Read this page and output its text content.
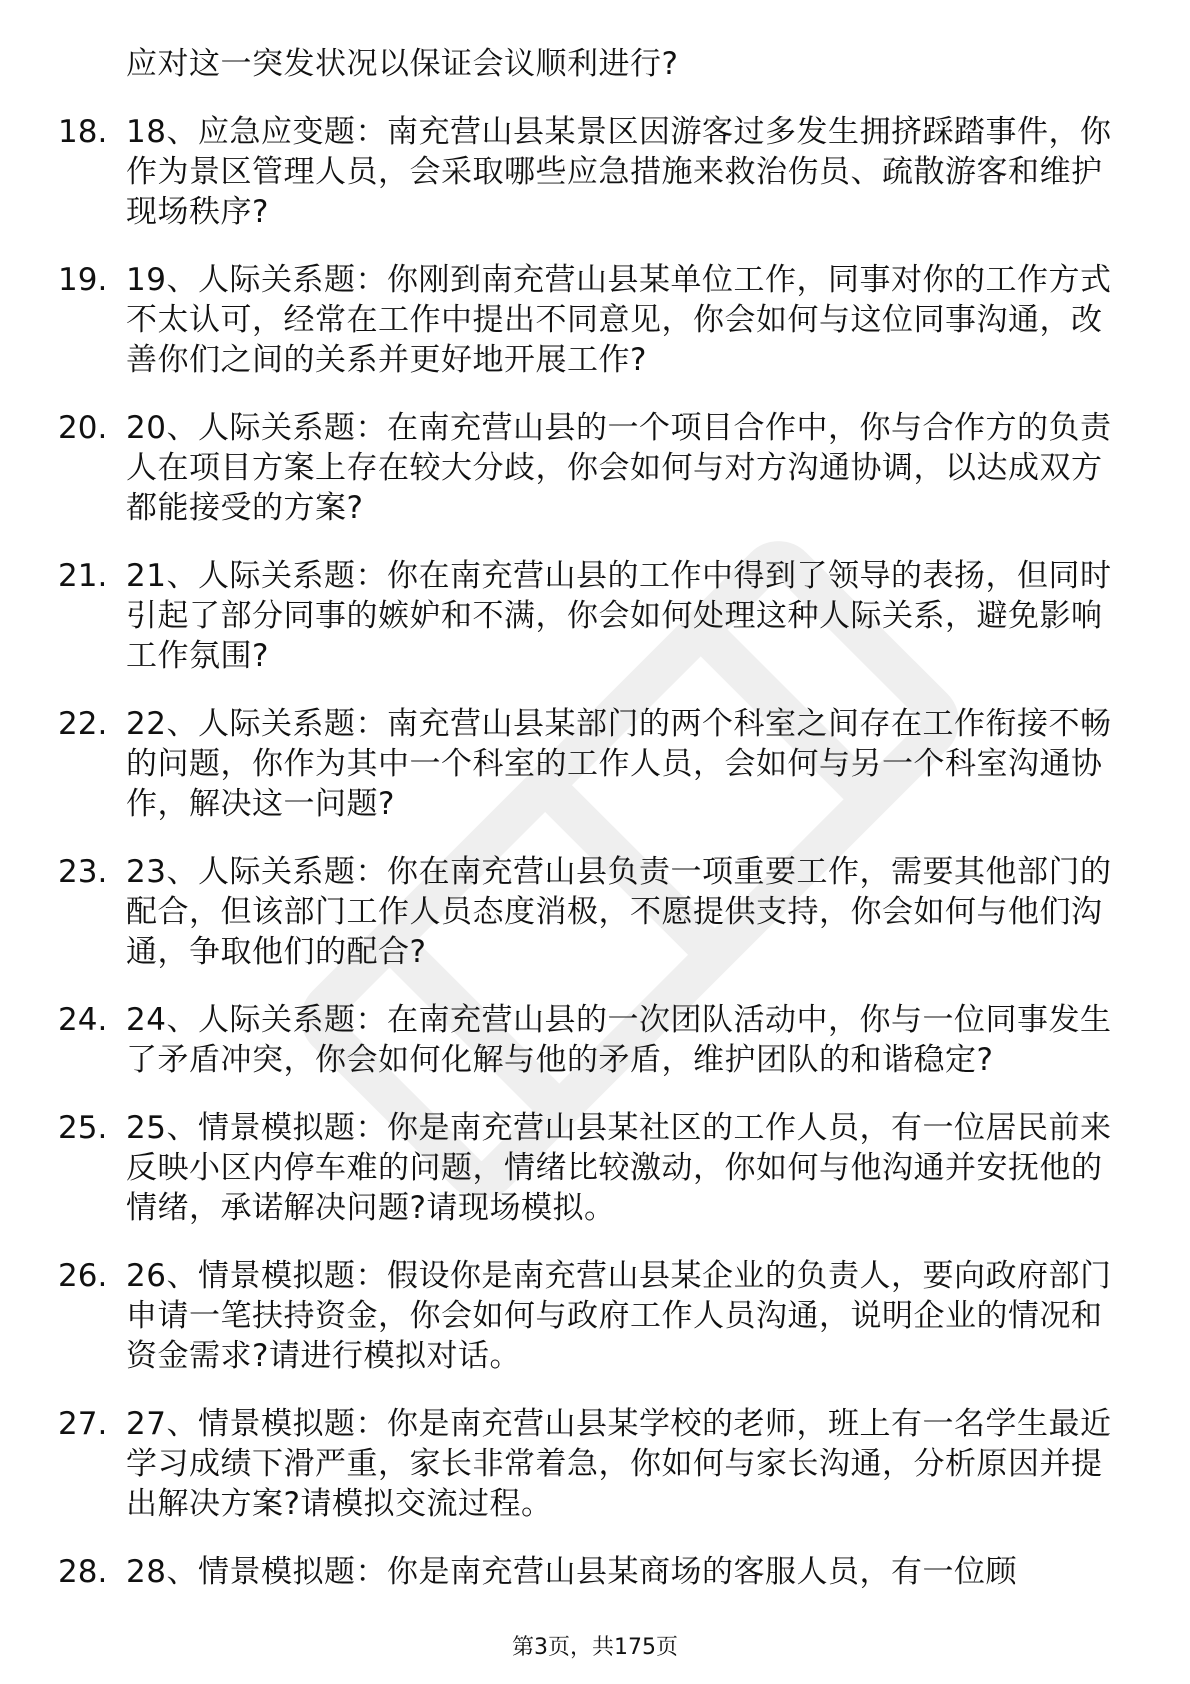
应对这一突发状况以保证会议顺利进行?

18. 18、应急应变题：南充营山县某景区因游客过多发生拥挤踩踏事件，你作为景区管理人员，会采取哪些应急措施来救治伤员、疏散游客和维护现场秩序?
19. 19、人际关系题：你刚到南充营山县某单位工作，同事对你的工作方式不太认可，经常在工作中提出不同意见，你会如何与这位同事沟通，改善你们之间的关系并更好地开展工作?
20. 20、人际关系题：在南充营山县的一个项目合作中，你与合作方的负责人在项目方案上存在较大分歧，你会如何与对方沟通协调，以达成双方都能接受的方案?
21. 21、人际关系题：你在南充营山县的工作中得到了领导的表扬，但同时引起了部分同事的嫉妒和不满，你会如何处理这种人际关系，避免影响工作氛围?
22. 22、人际关系题：南充营山县某部门的两个科室之间存在工作衔接不畅的问题，你作为其中一个科室的工作人员，会如何与另一个科室沟通协作，解决这一问题?
23. 23、人际关系题：你在南充营山县负责一项重要工作，需要其他部门的配合，但该部门工作人员态度消极，不愿提供支持，你会如何与他们沟通，争取他们的配合?
24. 24、人际关系题：在南充营山县的一次团队活动中，你与一位同事发生了矛盾冲突，你会如何化解与他的矛盾，维护团队的和谐稳定?
25. 25、情景模拟题：你是南充营山县某社区的工作人员，有一位居民前来反映小区内停车难的问题，情绪比较激动，你如何与他沟通并安抚他的情绪，承诺解决问题?请现场模拟。
26. 26、情景模拟题：假设你是南充营山县某企业的负责人，要向政府部门申请一笔扶持资金，你会如何与政府工作人员沟通，说明企业的情况和资金需求?请进行模拟对话。
27. 27、情景模拟题：你是南充营山县某学校的老师，班上有一名学生最近学习成绩下滑严重，家长非常着急，你如何与家长沟通，分析原因并提出解决方案?请模拟交流过程。
28. 28、情景模拟题：你是南充营山县某商场的客服人员，有一位顾
第3页，共175页
